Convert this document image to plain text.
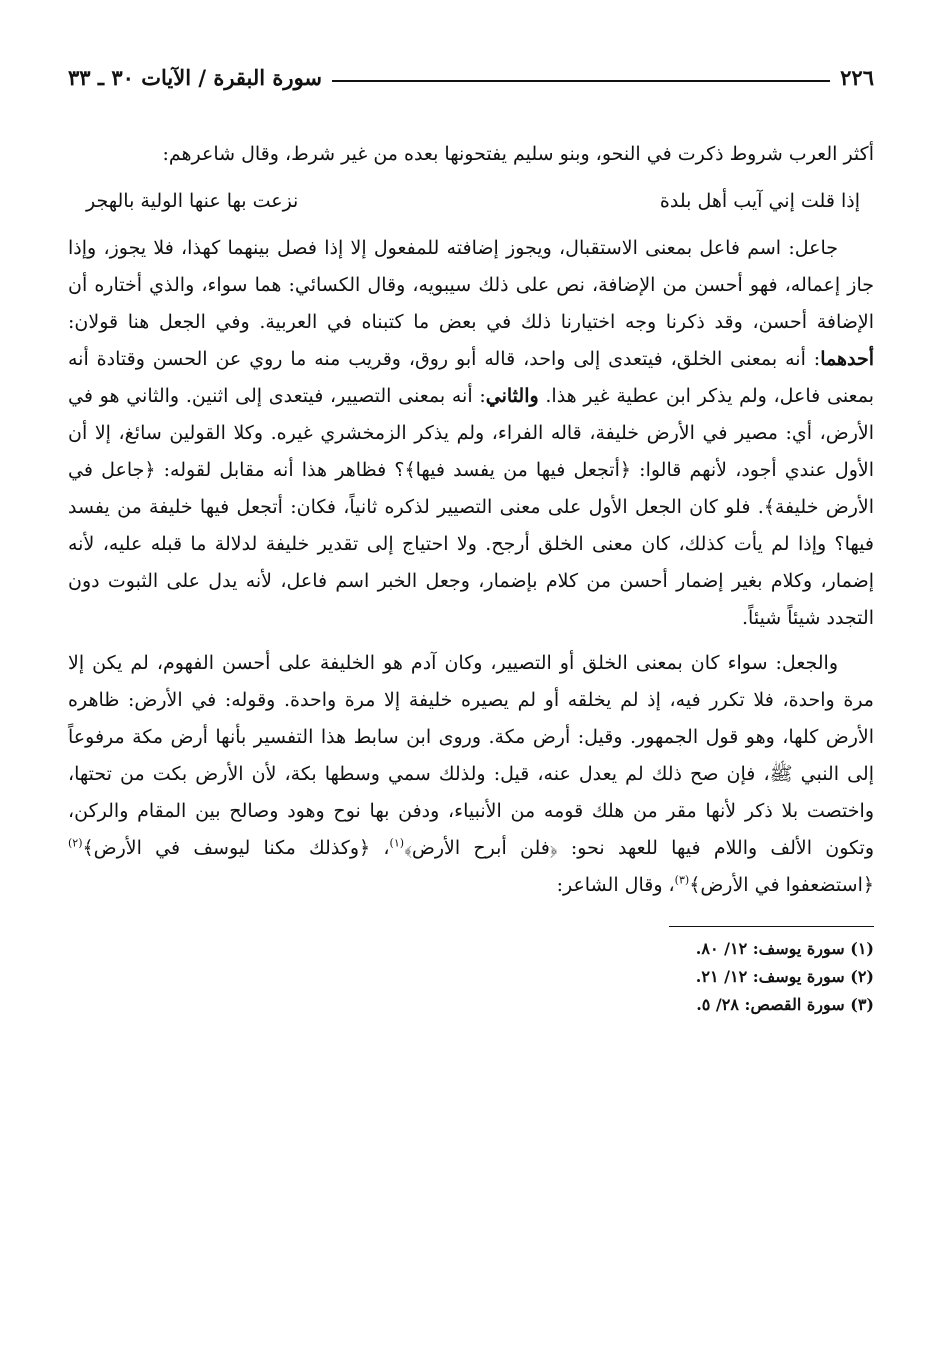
٢٢٦
سورة البقرة / الآيات ٣٠ ـ ٣٣

أكثر العرب شروط ذكرت في النحو، وبنو سليم يفتحونها بعده من غير شرط، وقال شاعرهم:

إذا قلت إني آيب أهل بلدة
نزعت بها عنها الولية بالهجر

جاعل: اسم فاعل بمعنى الاستقبال، ويجوز إضافته للمفعول إلا إذا فصل بينهما كهذا، فلا يجوز، وإذا جاز إعماله، فهو أحسن من الإضافة، نص على ذلك سيبويه، وقال الكسائي: هما سواء، والذي أختاره أن الإضافة أحسن، وقد ذكرنا وجه اختيارنا ذلك في بعض ما كتبناه في العربية. وفي الجعل هنا قولان: أحدهما: أنه بمعنى الخلق، فيتعدى إلى واحد، قاله أبو روق، وقريب منه ما روي عن الحسن وقتادة أنه بمعنى فاعل، ولم يذكر ابن عطية غير هذا. والثاني: أنه بمعنى التصيير، فيتعدى إلى اثنين. والثاني هو في الأرض، أي: مصير في الأرض خليفة، قاله الفراء، ولم يذكر الزمخشري غيره. وكلا القولين سائغ، إلا أن الأول عندي أجود، لأنهم قالوا: ﴿أتجعل فيها من يفسد فيها﴾؟ فظاهر هذا أنه مقابل لقوله: ﴿جاعل في الأرض خليفة﴾. فلو كان الجعل الأول على معنى التصيير لذكره ثانياً، فكان: أتجعل فيها خليفة من يفسد فيها؟ وإذا لم يأت كذلك، كان معنى الخلق أرجح. ولا احتياج إلى تقدير خليفة لدلالة ما قبله عليه، لأنه إضمار، وكلام بغير إضمار أحسن من كلام بإضمار، وجعل الخبر اسم فاعل، لأنه يدل على الثبوت دون التجدد شيئاً شيئاً.

والجعل: سواء كان بمعنى الخلق أو التصيير، وكان آدم هو الخليفة على أحسن الفهوم، لم يكن إلا مرة واحدة، فلا تكرر فيه، إذ لم يخلقه أو لم يصيره خليفة إلا مرة واحدة. وقوله: في الأرض: ظاهره الأرض كلها، وهو قول الجمهور. وقيل: أرض مكة. وروى ابن سابط هذا التفسير بأنها أرض مكة مرفوعاً إلى النبي ﷺ، فإن صح ذلك لم يعدل عنه، قيل: ولذلك سمي وسطها بكة، لأن الأرض بكت من تحتها، واختصت بلا ذكر لأنها مقر من هلك قومه من الأنبياء، ودفن بها نوح وهود وصالح بين المقام والركن، وتكون الألف واللام فيها للعهد نحو: ﴿فلن أبرح الأرض﴾$^{(١)}$، ﴿وكذلك مكنا ليوسف في الأرض﴾$^{(٢)}$ ﴿استضعفوا في الأرض﴾$^{(٣)}$، وقال الشاعر:

(١) سورة يوسف: ١٢/ ٨٠.
(٢) سورة يوسف: ١٢/ ٢١.
(٣) سورة القصص: ٢٨/ ٥.
